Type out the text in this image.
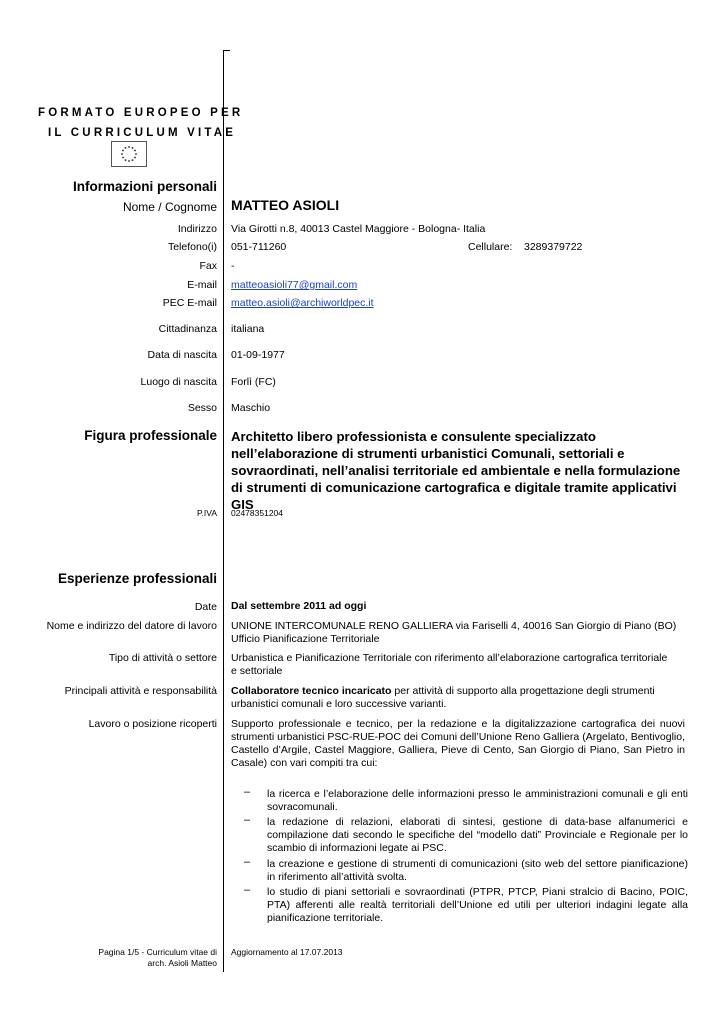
FORMATO EUROPEO PER
IL CURRICULUM VITAE
Informazioni personali
Nome / Cognome MATTEO ASIOLI
Indirizzo Via Girotti n.8, 40013 Castel Maggiore - Bologna- Italia
Telefono(i) 051-711260	Cellulare: 3289379722
Fax -
E-mail matteoasioli77@gmail.com
PEC E-mail matteo.asioli@archiworldpec.it
Cittadinanza italiana
Data di nascita 01-09-1977
Luogo di nascita Forlì (FC)
Sesso Maschio
Figura professionale Architetto libero professionista e consulente specializzato nell’elaborazione di strumenti urbanistici Comunali, settoriali e sovraordinati, nell’analisi territoriale ed ambientale e nella formulazione di strumenti di comunicazione cartografica e digitale tramite applicativi GIS
P.IVA 02478351204
Esperienze professionali
Date Dal settembre 2011 ad oggi
Nome e indirizzo del datore di lavoro UNIONE INTERCOMUNALE RENO GALLIERA via Fariselli 4, 40016 San Giorgio di Piano (BO)
Ufficio Pianificazione Territoriale
Tipo di attività o settore Urbanistica e Pianificazione Territoriale con riferimento all’elaborazione cartografica territoriale e settoriale
Principali attività e responsabilità Collaboratore tecnico incaricato per attività di supporto alla progettazione degli strumenti urbanistici comunali e loro successive varianti.
Lavoro o posizione ricoperti Supporto professionale e tecnico, per la redazione e la digitalizzazione cartografica dei nuovi strumenti urbanistici PSC-RUE-POC dei Comuni dell’Unione Reno Galliera (Argelato, Bentivoglio, Castello d’Argile, Castel Maggiore, Galliera, Pieve di Cento, San Giorgio di Piano, San Pietro in Casale) con vari compiti tra cui:
– la ricerca e l’elaborazione delle informazioni presso le amministrazioni comunali e gli enti sovracomunali.
– la redazione di relazioni, elaborati di sintesi, gestione di data-base alfanumerici e compilazione dati secondo le specifiche del “modello dati” Provinciale e Regionale per lo scambio di informazioni legate ai PSC.
– la creazione e gestione di strumenti di comunicazioni (sito web del settore pianificazione) in riferimento all’attività svolta.
– lo studio di piani settoriali e sovraordinati (PTPR, PTCP, Piani stralcio di Bacino, POIC, PTA) afferenti alle realtà territoriali dell’Unione ed utili per ulteriori indagini legate alla pianificazione territoriale.
Pagina 1/5 - Curriculum vitae di
arch. Asioli Matteo
Aggiornamento al 17.07.2013
